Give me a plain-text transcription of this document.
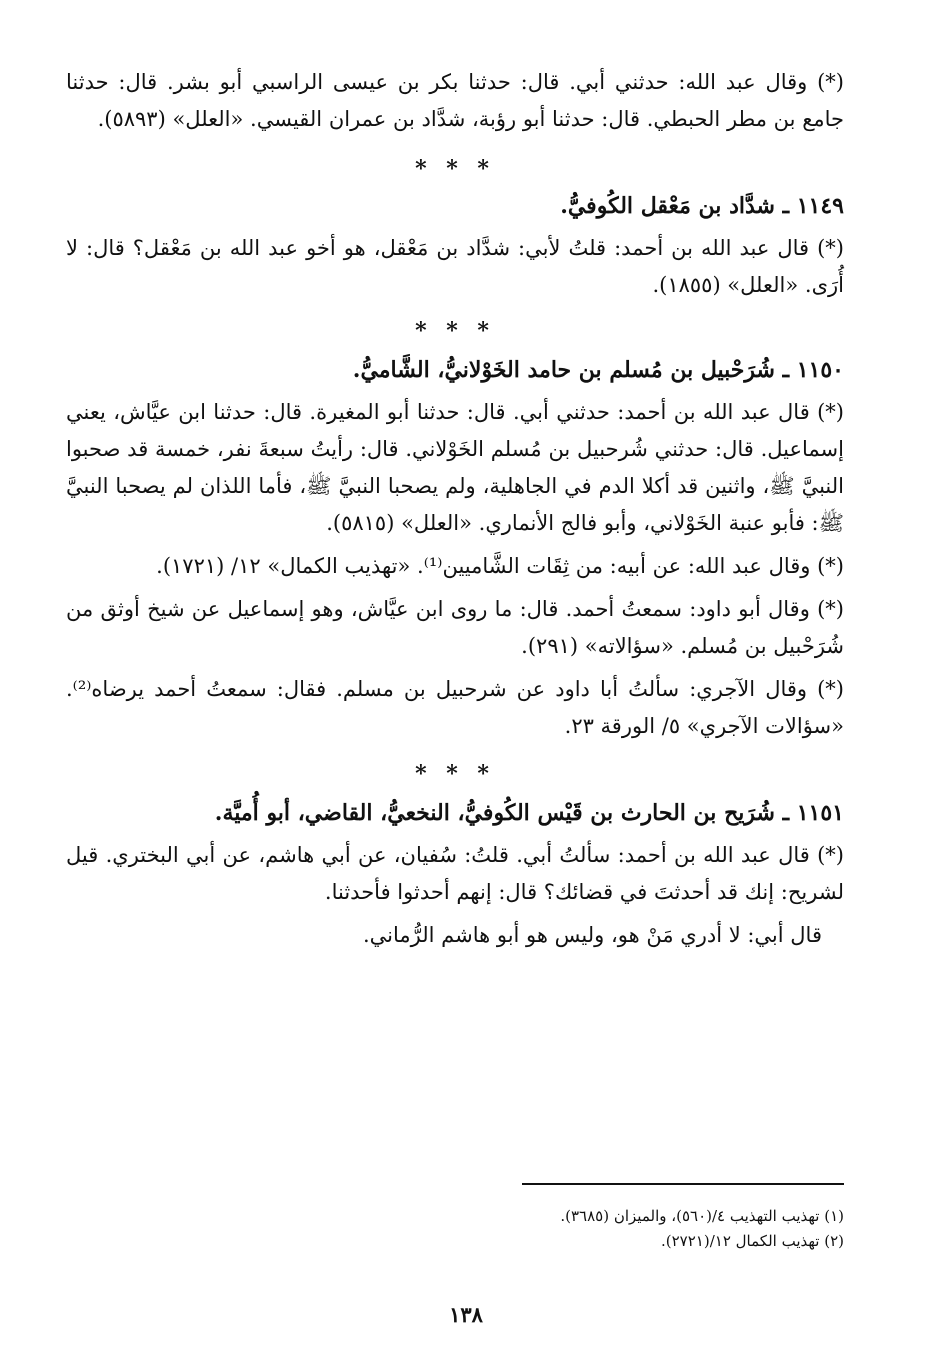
(*) وقال عبد الله: حدثني أبي. قال: حدثنا بكر بن عيسى الراسبي أبو بشر. قال: حدثنا جامع بن مطر الحبطي. قال: حدثنا أبو رؤبة، شدَّاد بن عمران القيسي. «العلل» (٥٨٩٣).

* * *

١١٤٩ ـ شدَّاد بن مَعْقل الكُوفيُّ.

(*) قال عبد الله بن أحمد: قلتُ لأبي: شدَّاد بن مَعْقل، هو أخو عبد الله بن مَعْقل؟ قال: لا أُرَى. «العلل» (١٨٥٥).

* * *

١١٥٠ ـ شُرَحْبيل بن مُسلم بن حامد الخَوْلانيُّ، الشَّاميُّ.

(*) قال عبد الله بن أحمد: حدثني أبي. قال: حدثنا أبو المغيرة. قال: حدثنا ابن عيَّاش، يعني إسماعيل. قال: حدثني شُرحبيل بن مُسلم الخَوْلاني. قال: رأيتُ سبعةَ نفر، خمسة قد صحبوا النبيَّ ﷺ، واثنين قد أكلا الدم في الجاهلية، ولم يصحبا النبيَّ ﷺ، فأما اللذان لم يصحبا النبيَّ ﷺ: فأبو عنبة الخَوْلاني، وأبو فالج الأنماري. «العلل» (٥٨١٥).

(*) وقال عبد الله: عن أبيه: من ثِقَات الشَّاميين⁽¹⁾. «تهذيب الكمال» ١٢/ (١٧٢١).

(*) وقال أبو داود: سمعتُ أحمد. قال: ما روى ابن عيَّاش، وهو إسماعيل عن شيخ أوثق من شُرَحْبيل بن مُسلم. «سؤالاته» (٢٩١).

(*) وقال الآجري: سألتُ أبا داود عن شرحبيل بن مسلم. فقال: سمعتُ أحمد يرضاه⁽²⁾. «سؤالات الآجري» ٥/ الورقة ٢٣.

* * *

١١٥١ ـ شُرَيح بن الحارث بن قَيْس الكُوفيُّ، النخعيُّ، القاضي، أبو أُميَّة.

(*) قال عبد الله بن أحمد: سألتُ أبي. قلتُ: سُفيان، عن أبي هاشم، عن أبي البختري. قيل لشريح: إنك قد أحدثتَ في قضائك؟ قال: إنهم أحدثوا فأحدثنا.

قال أبي: لا أدري مَنْ هو، وليس هو أبو هاشم الرُّماني.

(١) تهذيب التهذيب ٤/(٥٦٠)، والميزان (٣٦٨٥).

(٢) تهذيب الكمال ١٢/(٢٧٢١).

١٣٨
